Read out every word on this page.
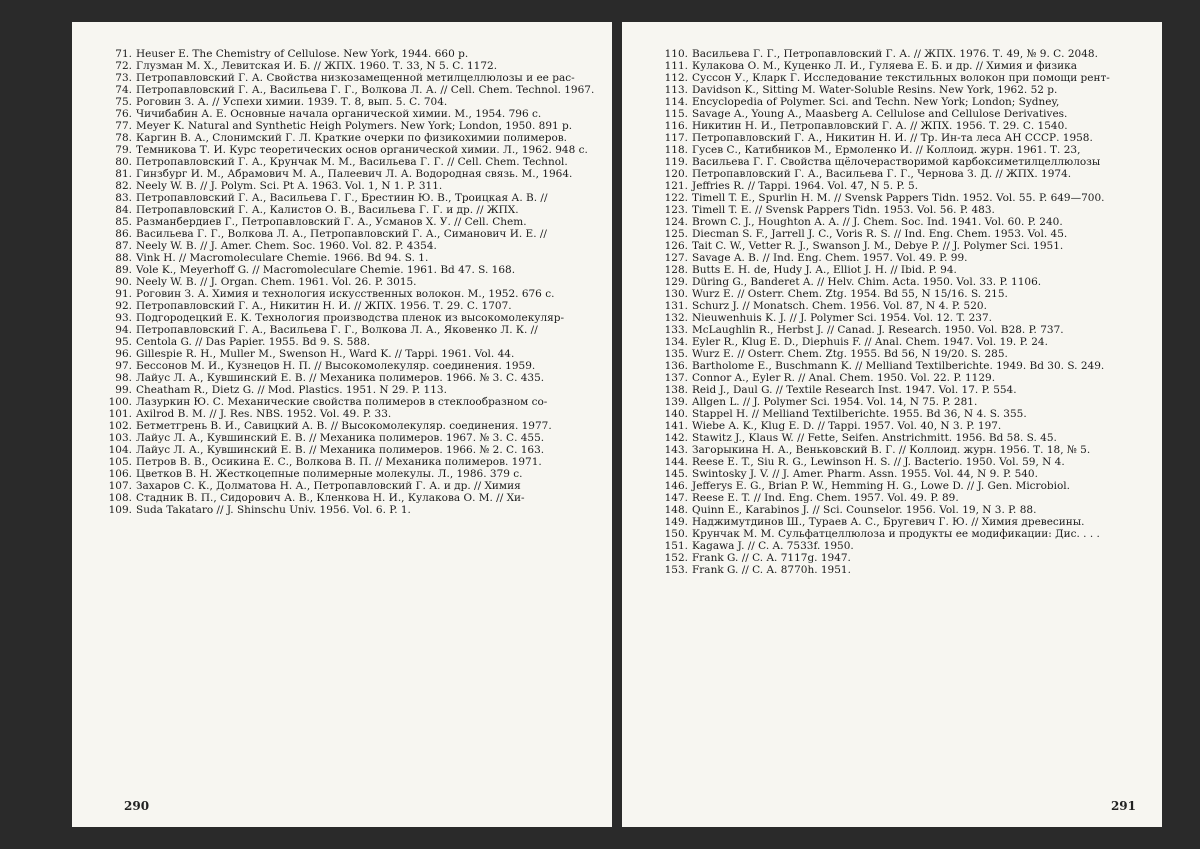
71. Heuser E. The Chemistry of Cellulose. New York, 1944. 660 p.
72. Глузман М. Х., Левитская И. Б. // ЖПХ. 1960. Т. 33, N 5. С. 1172.
73. Петропавловский Г. А. Свойства низкозамещенной метилцеллюлозы и ее рас-
74. Петропавловский Г. А., Васильева Г. Г., Волкова Л. А. // Cell. Chem. Technol. 1967.
75. Роговин З. А. // Успехи химии. 1939. Т. 8, вып. 5. С. 704.
76. Чичибабин А. Е. Основные начала органической химии. М., 1954. 796 с.
77. Meyer K. Natural and Synthetic Heigh Polymers. New York; London, 1950. 891 p.
78. Каргин В. А., Слонимский Г. Л. Краткие очерки по физикохимии полимеров.
79. Темникова Т. И. Курс теоретических основ органической химии. Л., 1962. 948 с.
80. Петропавловский Г. А., Крунчак М. М., Васильева Г. Г. // Cell. Chem. Technol.
81. Гинзбург И. М., Абрамович М. А., Палеевич Л. А. Водородная связь. М., 1964.
82. Neely W. B. // J. Polym. Sci. Pt A. 1963. Vol. 1, N 1. P. 311.
83. Петропавловский Г. А., Васильева Г. Г., Брестиин Ю. В., Троицкая А. В. //
84. Петропавловский Г. А., Калистов О. В., Васильева Г. Г. и др. // ЖПХ.
85. Разманбердиев Г., Петропавловский Г. А., Усманов Х. У. // Cell. Chem.
86. Васильева Г. Г., Волкова Л. А., Петропавловский Г. А., Симанович И. Е. //
87. Neely W. B. // J. Amer. Chem. Soc. 1960. Vol. 82. P. 4354.
88. Vink H. // Macromoleculare Chemie. 1966. Bd 94. S. 1.
89. Vole K., Meyerhoff G. // Macromoleculare Chemie. 1961. Bd 47. S. 168.
90. Neely W. B. // J. Organ. Chem. 1961. Vol. 26. P. 3015.
91. Роговин З. А. Химия и технология искусственных волокон. М., 1952. 676 с.
92. Петропавловский Г. А., Никитин Н. И. // ЖПХ. 1956. Т. 29. С. 1707.
93. Подгородецкий Е. К. Технология производства пленок из высокомолекуляр-
94. Петропавловский Г. А., Васильева Г. Г., Волкова Л. А., Яковенко Л. К. //
95. Centola G. // Das Papier. 1955. Bd 9. S. 588.
96. Gillespie R. H., Muller M., Swenson H., Ward K. // Tappi. 1961. Vol. 44.
97. Бессонов М. И., Кузнецов Н. П. // Высокомолекуляр. соединения. 1959.
98. Лайус Л. А., Кувшинский Е. В. // Механика полимеров. 1966. № 3. С. 435.
99. Cheatham R., Dietz G. // Mod. Plastics. 1951. N 29. P. 113.
100. Лазуркин Ю. С. Механические свойства полимеров в стеклообразном со-
101. Axilrod B. M. // J. Res. NBS. 1952. Vol. 49. P. 33.
102. Бетметгрень В. И., Савицкий А. В. // Высокомолекуляр. соединения. 1977.
103. Лайус Л. А., Кувшинский Е. В. // Механика полимеров. 1967. № 3. С. 455.
104. Лайус Л. А., Кувшинский Е. В. // Механика полимеров. 1966. № 2. С. 163.
105. Петров В. В., Осикина Е. С., Волкова В. П. // Механика полимеров. 1971.
106. Цветков В. Н. Жесткоцепные полимерные молекулы. Л., 1986. 379 с.
107. Захаров С. К., Долматова Н. А., Петропавловский Г. А. и др. // Химия
108. Стадник В. П., Сидорович А. В., Кленкова Н. И., Кулакова О. М. // Хи-
109. Suda Takataro // J. Shinschu Univ. 1956. Vol. 6. P. 1.
290
110. Васильева Г. Г., Петропавловский Г. А. // ЖПХ. 1976. Т. 49, № 9. С. 2048.
111. Кулакова О. М., Куценко Л. И., Гуляева Е. Б. и др. // Химия и физика
112. Суссон У., Кларк Г. Исследование текстильных волокон при помощи рент-
113. Davidson K., Sitting M. Water-Soluble Resins. New York, 1962. 52 p.
114. Encyclopedia of Polymer. Sci. and Techn. New York; London; Sydney,
115. Savage A., Young A., Maasberg A. Cellulose and Cellulose Derivatives.
116. Никитин Н. И., Петропавловский Г. А. // ЖПХ. 1956. Т. 29. С. 1540.
117. Петропавловский Г. А., Никитин Н. И. // Тр. Ин-та леса АН СССР. 1958.
118. Гусев С., Катибников М., Ермоленко И. // Коллоид. журн. 1961. Т. 23,
119. Васильева Г. Г. Свойства щёлочерастворимой карбоксиметилцеллюлозы
120. Петропавловский Г. А., Васильева Г. Г., Чернова З. Д. // ЖПХ. 1974.
121. Jeffries R. // Tappi. 1964. Vol. 47, N 5. P. 5.
122. Timell T. E., Spurlin H. M. // Svensk Pappers Tidn. 1952. Vol. 55. P. 649—700.
123. Timell T. E. // Svensk Pappers Tidn. 1953. Vol. 56. P. 483.
124. Brown C. J., Houghton A. A. // J. Chem. Soc. Ind. 1941. Vol. 60. P. 240.
125. Diecman S. F., Jarrell J. C., Voris R. S. // Ind. Eng. Chem. 1953. Vol. 45.
126. Tait C. W., Vetter R. J., Swanson J. M., Debye P. // J. Polymer Sci. 1951.
127. Savage A. B. // Ind. Eng. Chem. 1957. Vol. 49. P. 99.
128. Butts E. H. de, Hudy J. A., Elliot J. H. // Ibid. P. 94.
129. Düring G., Banderet A. // Helv. Chim. Acta. 1950. Vol. 33. P. 1106.
130. Wurz E. // Osterr. Chem. Ztg. 1954. Bd 55, N 15/16. S. 215.
131. Schurz J. // Monatsch. Chem. 1956. Vol. 87, N 4. P. 520.
132. Nieuwenhuis K. J. // J. Polymer Sci. 1954. Vol. 12. T. 237.
133. McLaughlin R., Herbst J. // Canad. J. Research. 1950. Vol. B28. P. 737.
134. Eyler R., Klug E. D., Diephuis F. // Anal. Chem. 1947. Vol. 19. P. 24.
135. Wurz E. // Osterr. Chem. Ztg. 1955. Bd 56, N 19/20. S. 285.
136. Bartholome E., Buschmann K. // Melliand Textilberichte. 1949. Bd 30. S. 249.
137. Connor A., Eyler R. // Anal. Chem. 1950. Vol. 22. P. 1129.
138. Reid J., Daul G. // Textile Research Inst. 1947. Vol. 17. P. 554.
139. Allgen L. // J. Polymer Sci. 1954. Vol. 14, N 75. P. 281.
140. Stappel H. // Melliand Textilberichte. 1955. Bd 36, N 4. S. 355.
141. Wiebe A. K., Klug E. D. // Tappi. 1957. Vol. 40, N 3. P. 197.
142. Stawitz J., Klaus W. // Fette, Seifen. Anstrichmitt. 1956. Bd 58. S. 45.
143. Загорыкина Н. А., Веньковский В. Г. // Коллоид. журн. 1956. Т. 18, № 5.
144. Reese E. T., Siu R. G., Lewinson H. S. // J. Bacterio. 1950. Vol. 59, N 4.
145. Swintosky J. V. // J. Amer. Pharm. Assn. 1955. Vol. 44, N 9. P. 540.
146. Jefferys E. G., Brian P. W., Hemming H. G., Lowe D. // J. Gen. Microbiol.
147. Reese E. T. // Ind. Eng. Chem. 1957. Vol. 49. P. 89.
148. Quinn E., Karabinos J. // Sci. Counselor. 1956. Vol. 19, N 3. P. 88.
149. Наджимутдинов Ш., Тураев А. С., Бругевич Г. Ю. // Химия древесины.
150. Крунчак М. М. Сульфатцеллюлоза и продукты ее модификации: Дис. . . .
151. Kagawa J. // C. A. 7533f. 1950.
152. Frank G. // C. A. 7117g. 1947.
153. Frank G. // C. A. 8770h. 1951.
291
